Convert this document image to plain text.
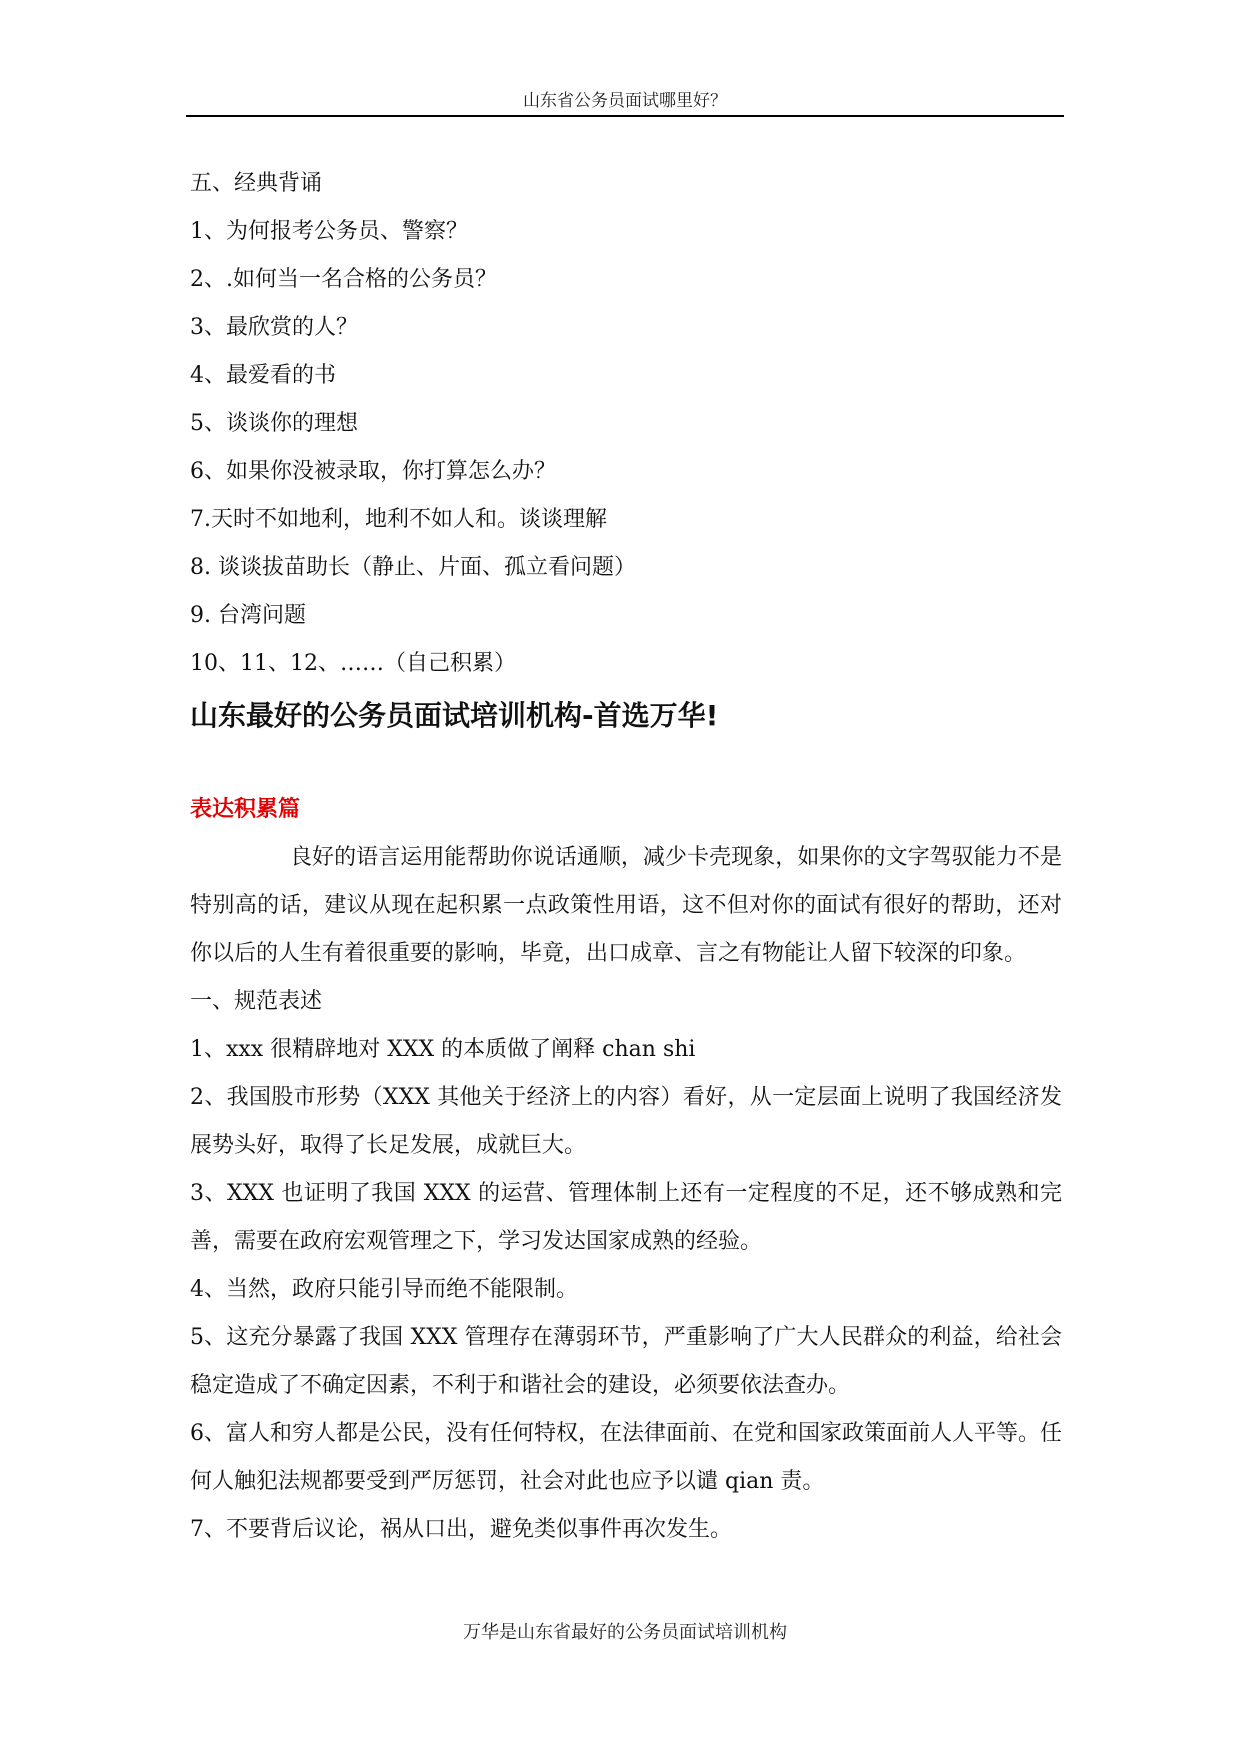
山东省公务员面试哪里好？
五、经典背诵
1、为何报考公务员、警察？
2、.如何当一名合格的公务员？
3、最欣赏的人？
4、最爱看的书
5、谈谈你的理想
6、如果你没被录取，你打算怎么办？
7.天时不如地利，地利不如人和。谈谈理解
8. 谈谈拔苗助长（静止、片面、孤立看问题）
9. 台湾问题
10、11、12、……（自己积累）
山东最好的公务员面试培训机构-首选万华!
表达积累篇
良好的语言运用能帮助你说话通顺，减少卡壳现象，如果你的文字驾驭能力不是特别高的话，建议从现在起积累一点政策性用语，这不但对你的面试有很好的帮助，还对你以后的人生有着很重要的影响，毕竟，出口成章、言之有物能让人留下较深的印象。
一、规范表述
1、xxx 很精辟地对 XXX 的本质做了阐释 chan shi
2、我国股市形势（XXX 其他关于经济上的内容）看好，从一定层面上说明了我国经济发展势头好，取得了长足发展，成就巨大。
3、XXX 也证明了我国 XXX 的运营、管理体制上还有一定程度的不足，还不够成熟和完善，需要在政府宏观管理之下，学习发达国家成熟的经验。
4、当然，政府只能引导而绝不能限制。
5、这充分暴露了我国 XXX 管理存在薄弱环节，严重影响了广大人民群众的利益，给社会稳定造成了不确定因素，不利于和谐社会的建设，必须要依法查办。
6、富人和穷人都是公民，没有任何特权，在法律面前、在党和国家政策面前人人平等。任何人触犯法规都要受到严厉惩罚，社会对此也应予以谴 qian 责。
7、不要背后议论，祸从口出，避免类似事件再次发生。
万华是山东省最好的公务员面试培训机构
